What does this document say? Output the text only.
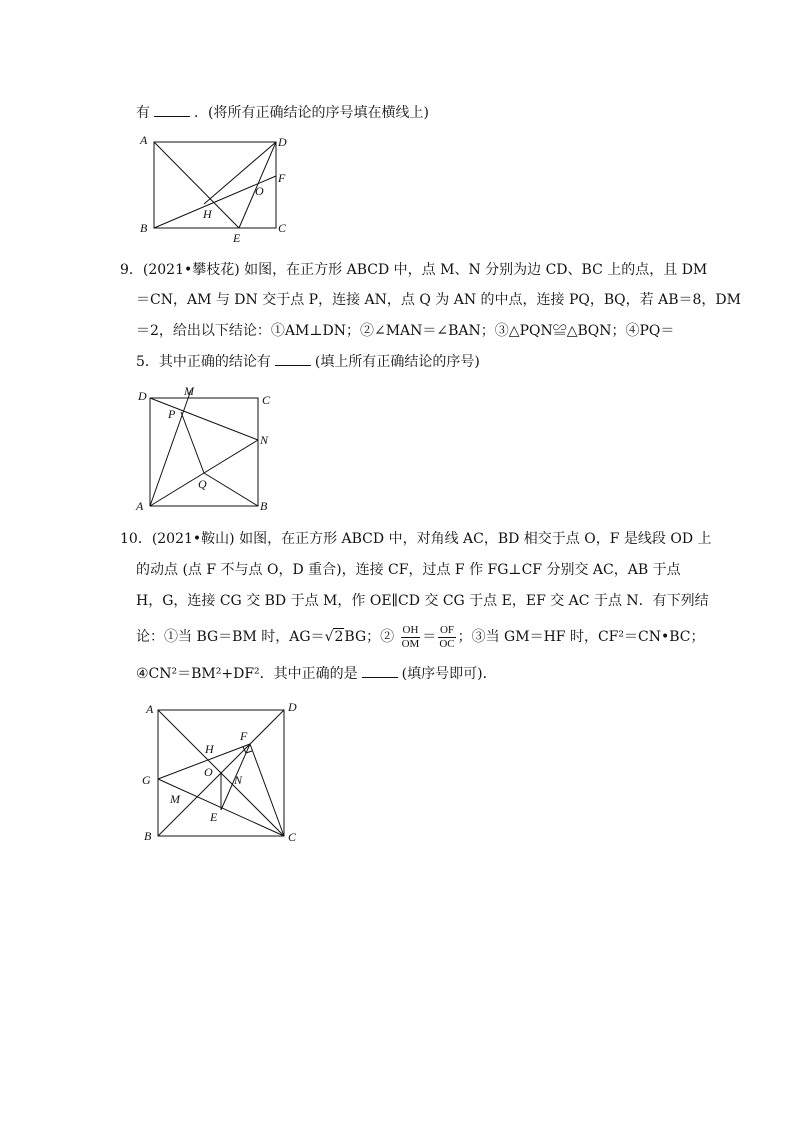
有	．(将所有正确结论的序号填在横线上)
A	D
B	C
E
F
H
O
9．(2021•攀枝花) 如图，在正方形 ABCD 中，点 M、N 分别为边 CD、BC 上的点，且 DM
＝CN，AM 与 DN 交于点 P，连接 AN，点 Q 为 AN 的中点，连接 PQ，BQ，若 AB＝8，DM
＝2，给出以下结论：①AM⊥DN；②∠MAN＝∠BAN；③△PQN≌△BQN；④PQ＝
5．其中正确的结论有	(填上所有正确结论的序号)
D	M
C
P
N
Q
A	B
10．(2021•鞍山) 如图，在正方形 ABCD 中，对角线 AC，BD 相交于点 O，F 是线段 OD 上
的动点 (点 F 不与点 O，D 重合)，连接 CF，过点 F 作 FG⊥CF 分别交 AC，AB 于点
H，G，连接 CG 交 BD 于点 M，作 OE∥CD 交 CG 于点 E，EF 交 AC 于点 N．有下列结
论：①当 BG＝BM 时，AG＝√2BG；② $\frac{OH}{OM} = \frac{OF}{OC}$ ；③当 GM＝HF 时，CF²＝CN•BC；
④CN²＝BM²+DF²．其中正确的是	(填序号即可)．
A	D
H
F
G
O
N
M
E
B	C
